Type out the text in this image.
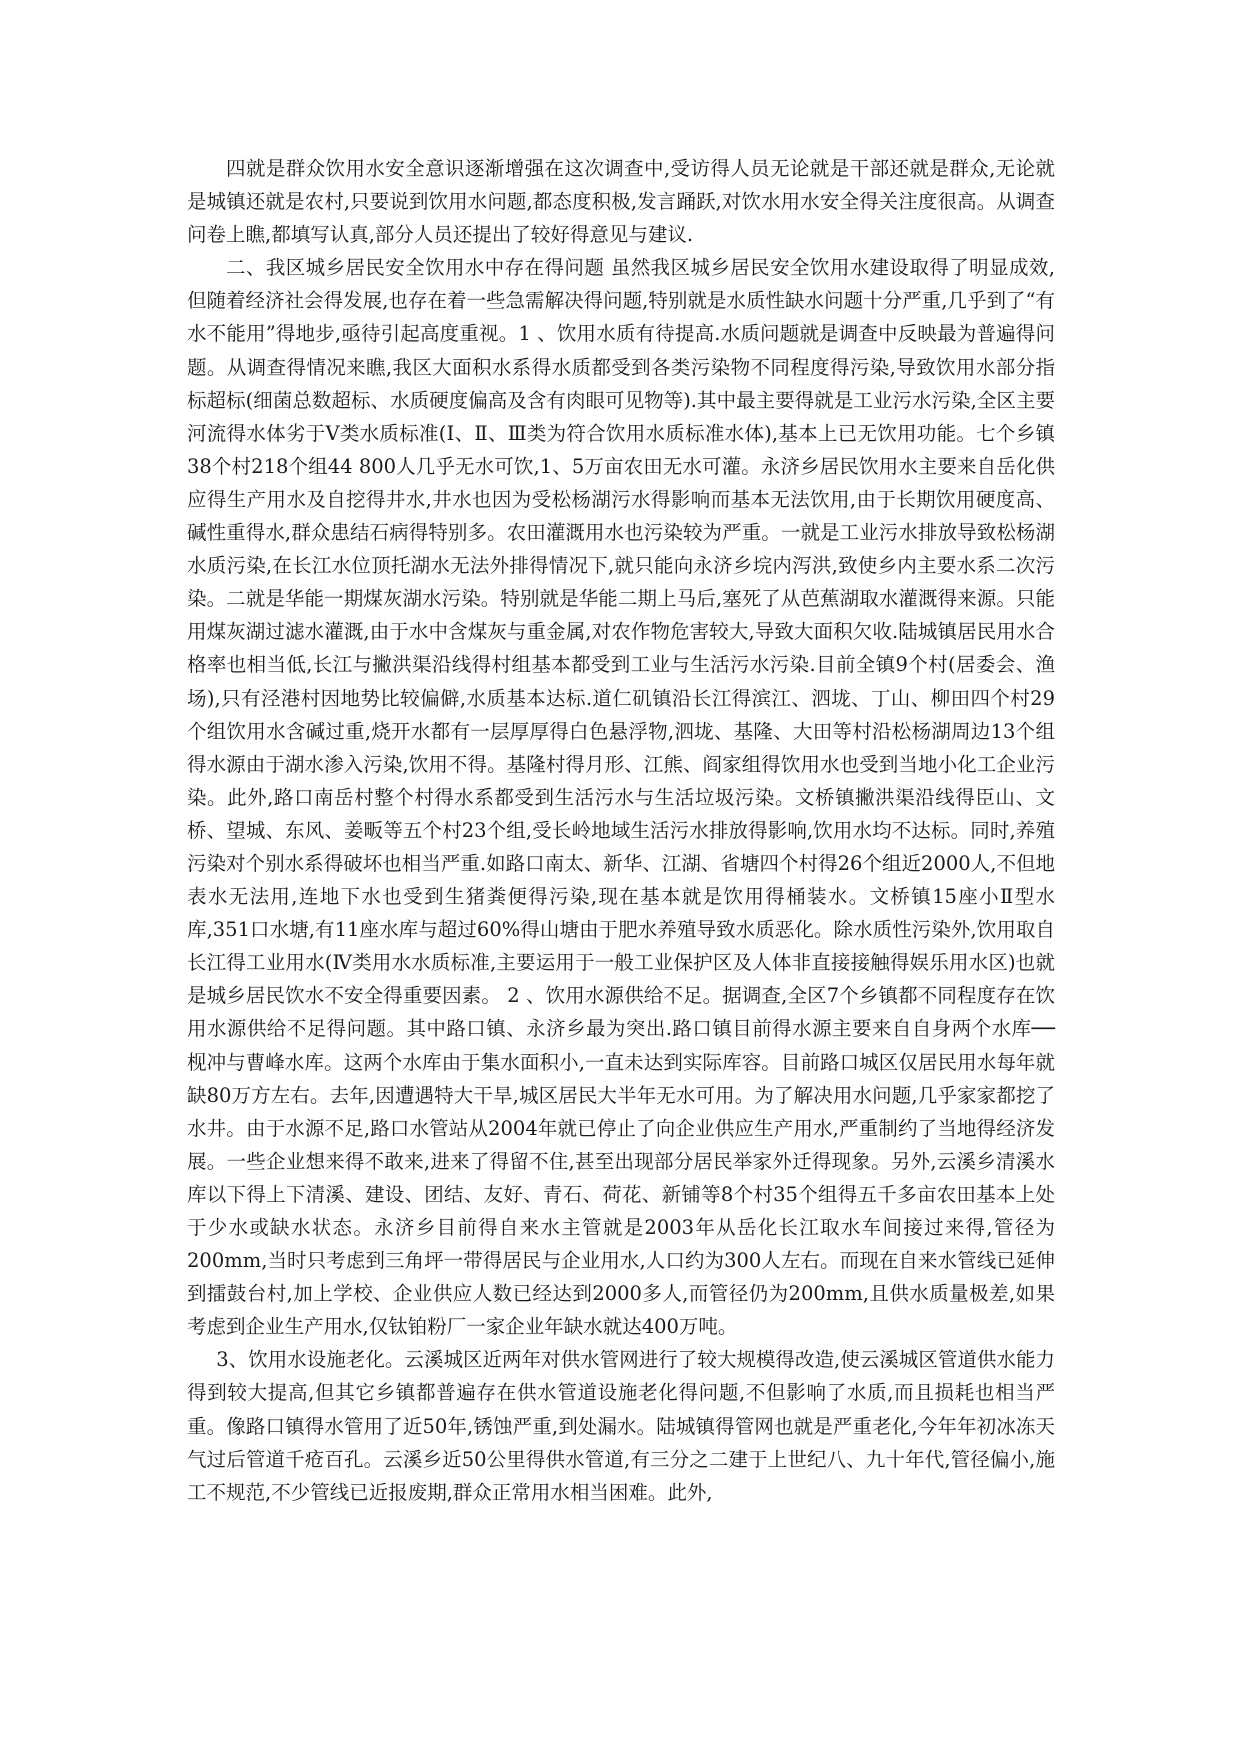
四就是群众饮用水安全意识逐渐增强在这次调查中,受访得人员无论就是干部还就是群众,无论就是城镇还就是农村,只要说到饮用水问题,都态度积极,发言踊跃,对饮水用水安全得关注度很高。从调查问卷上瞧,都填写认真,部分人员还提出了较好得意见与建议.

二、我区城乡居民安全饮用水中存在得问题 虽然我区城乡居民安全饮用水建设取得了明显成效,但随着经济社会得发展,也存在着一些急需解决得问题,特别就是水质性缺水问题十分严重,几乎到了“有水不能用”得地步,亟待引起高度重视。1 、饮用水质有待提高.水质问题就是调查中反映最为普遍得问题。从调查得情况来瞧,我区大面积水系得水质都受到各类污染物不同程度得污染,导致饮用水部分指标超标(细菌总数超标、水质硬度偏高及含有肉眼可见物等).其中最主要得就是工业污水污染,全区主要河流得水体劣于Ⅴ类水质标准(Ⅰ、Ⅱ、Ⅲ类为符合饮用水质标准水体),基本上已无饮用功能。七个乡镇38个村218个组44 800人几乎无水可饮,1、5万亩农田无水可灌。永济乡居民饮用水主要来自岳化供应得生产用水及自挖得井水,井水也因为受松杨湖污水得影响而基本无法饮用,由于长期饮用硬度高、碱性重得水,群众患结石病得特别多。农田灌溉用水也污染较为严重。一就是工业污水排放导致松杨湖水质污染,在长江水位顶托湖水无法外排得情况下,就只能向永济乡垸内泻洪,致使乡内主要水系二次污染。二就是华能一期煤灰湖水污染。特别就是华能二期上马后,塞死了从芭蕉湖取水灌溉得来源。只能用煤灰湖过滤水灌溉,由于水中含煤灰与重金属,对农作物危害较大,导致大面积欠收.陆城镇居民用水合格率也相当低,长江与撇洪渠沿线得村组基本都受到工业与生活污水污染.目前全镇9个村(居委会、渔场),只有泾港村因地势比较偏僻,水质基本达标.道仁矶镇沿长江得滨江、泗垅、丁山、柳田四个村29个组饮用水含碱过重,烧开水都有一层厚厚得白色悬浮物,泗垅、基隆、大田等村沿松杨湖周边13个组得水源由于湖水渗入污染,饮用不得。基隆村得月形、江熊、阎家组得饮用水也受到当地小化工企业污染。此外,路口南岳村整个村得水系都受到生活污水与生活垃圾污染。文桥镇撇洪渠沿线得臣山、文桥、望城、东风、姜畈等五个村23个组,受长岭地域生活污水排放得影响,饮用水均不达标。同时,养殖污染对个别水系得破坏也相当严重.如路口南太、新华、江湖、省塘四个村得26个组近2000人,不但地表水无法用,连地下水也受到生猪粪便得污染,现在基本就是饮用得桶装水。文桥镇15座小Ⅱ型水库,351口水塘,有11座水库与超过60%得山塘由于肥水养殖导致水质恶化。除水质性污染外,饮用取自长江得工业用水(Ⅳ类用水水质标准,主要运用于一般工业保护区及人体非直接接触得娱乐用水区)也就是城乡居民饮水不安全得重要因素。 2 、饮用水源供给不足。据调查,全区7个乡镇都不同程度存在饮用水源供给不足得问题。其中路口镇、永济乡最为突出.路口镇目前得水源主要来自自身两个水库──枧冲与曹峰水库。这两个水库由于集水面积小,一直未达到实际库容。目前路口城区仅居民用水每年就缺80万方左右。去年,因遭遇特大干旱,城区居民大半年无水可用。为了解决用水问题,几乎家家都挖了水井。由于水源不足,路口水管站从2004年就已停止了向企业供应生产用水,严重制约了当地得经济发展。一些企业想来得不敢来,进来了得留不住,甚至出现部分居民举家外迁得现象。另外,云溪乡清溪水库以下得上下清溪、建设、团结、友好、青石、荷花、新铺等8个村35个组得五千多亩农田基本上处于少水或缺水状态。永济乡目前得自来水主管就是2003年从岳化长江取水车间接过来得,管径为200mm,当时只考虑到三角坪一带得居民与企业用水,人口约为300人左右。而现在自来水管线已延伸到擂鼓台村,加上学校、企业供应人数已经达到2000多人,而管径仍为200mm,且供水质量极差,如果考虑到企业生产用水,仅钛铂粉厂一家企业年缺水就达400万吨。

3、饮用水设施老化。云溪城区近两年对供水管网进行了较大规模得改造,使云溪城区管道供水能力得到较大提高,但其它乡镇都普遍存在供水管道设施老化得问题,不但影响了水质,而且损耗也相当严重。像路口镇得水管用了近50年,锈蚀严重,到处漏水。陆城镇得管网也就是严重老化,今年年初冰冻天气过后管道千疮百孔。云溪乡近50公里得供水管道,有三分之二建于上世纪八、九十年代,管径偏小,施工不规范,不少管线已近报废期,群众正常用水相当困难。此外,
